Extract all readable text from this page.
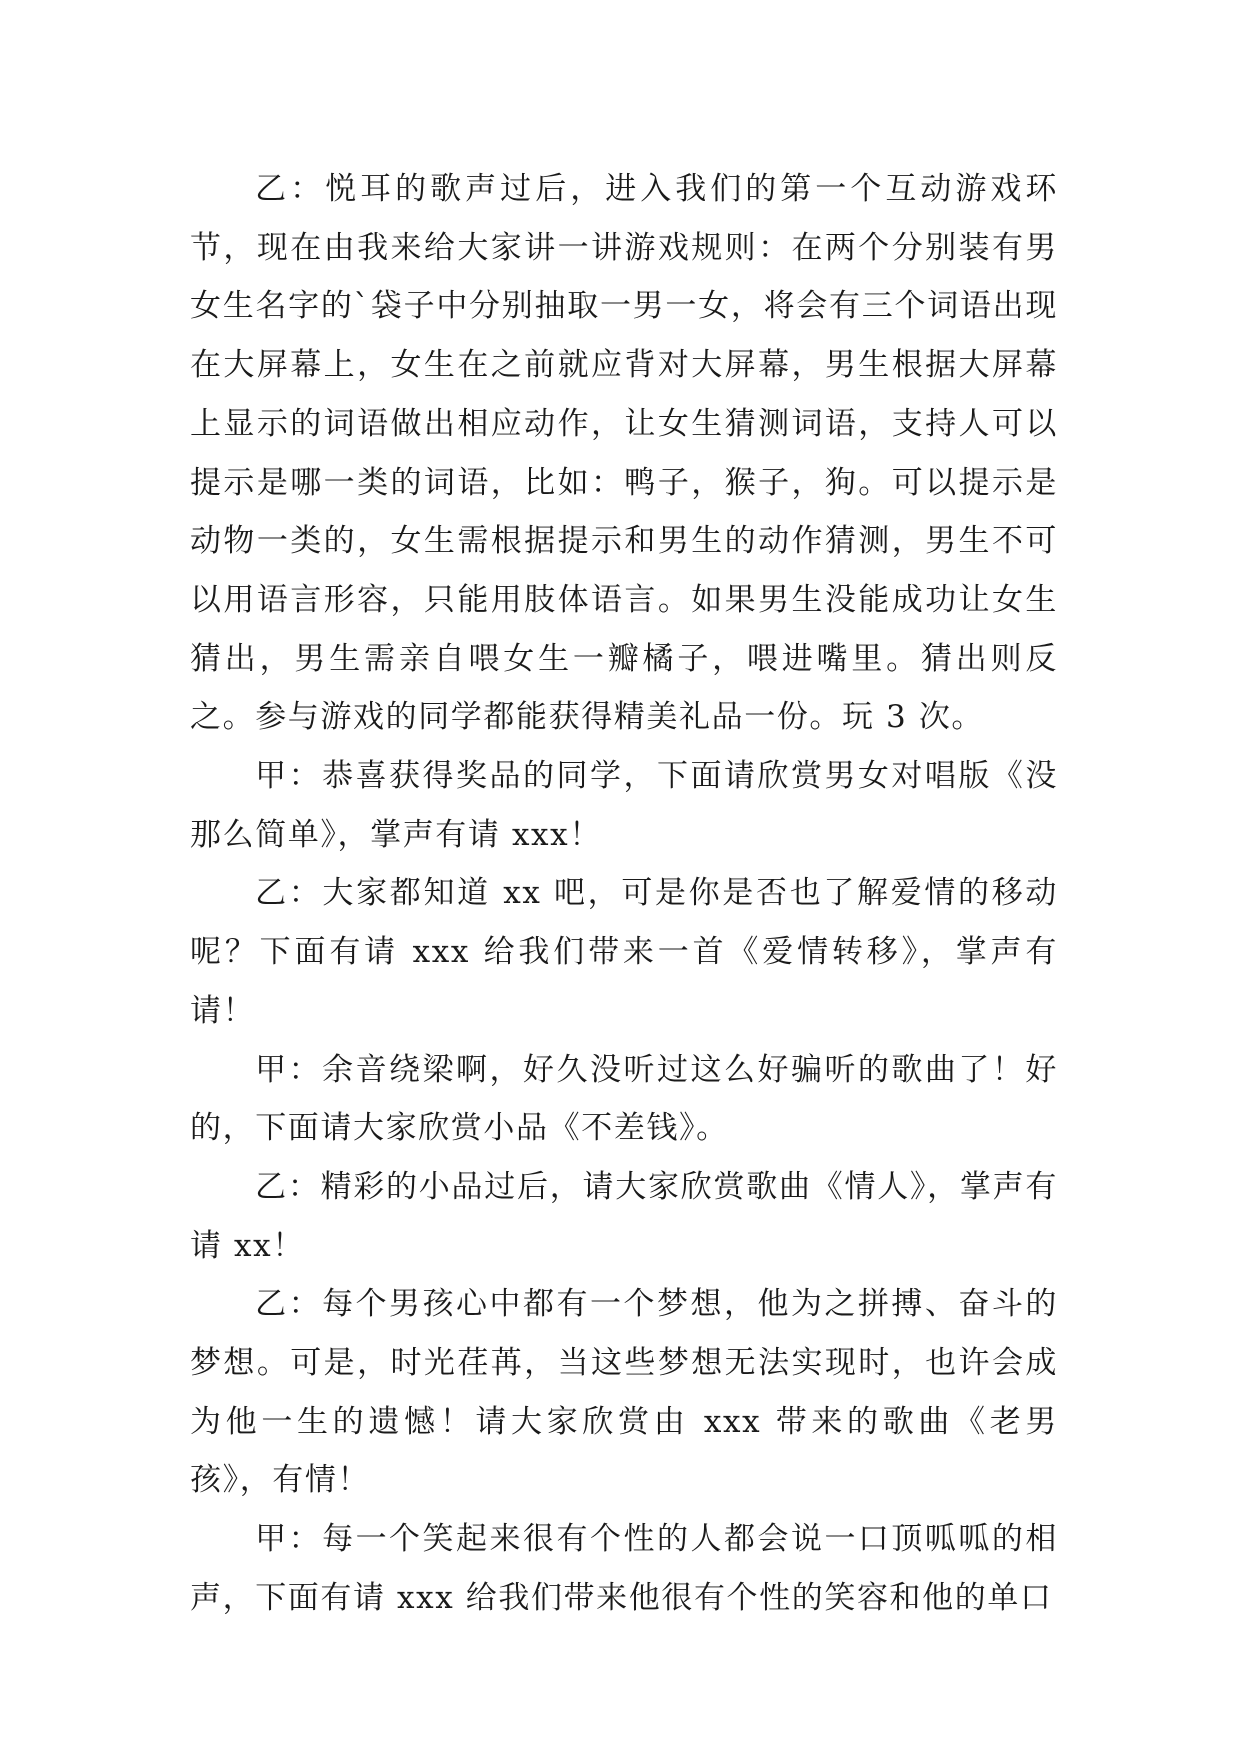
乙：悦耳的歌声过后，进入我们的第一个互动游戏环节，现在由我来给大家讲一讲游戏规则：在两个分别装有男女生名字的`袋子中分别抽取一男一女，将会有三个词语出现在大屏幕上，女生在之前就应背对大屏幕，男生根据大屏幕上显示的词语做出相应动作，让女生猜测词语，支持人可以提示是哪一类的词语，比如：鸭子，猴子，狗。可以提示是动物一类的，女生需根据提示和男生的动作猜测，男生不可以用语言形容，只能用肢体语言。如果男生没能成功让女生猜出，男生需亲自喂女生一瓣橘子，喂进嘴里。猜出则反之。参与游戏的同学都能获得精美礼品一份。玩 3 次。

甲：恭喜获得奖品的同学，下面请欣赏男女对唱版《没那么简单》，掌声有请 xxx！

乙：大家都知道 xx 吧，可是你是否也了解爱情的移动呢？下面有请 xxx 给我们带来一首《爱情转移》，掌声有请！

甲：余音绕梁啊，好久没听过这么好骗听的歌曲了！好的，下面请大家欣赏小品《不差钱》。

乙：精彩的小品过后，请大家欣赏歌曲《情人》，掌声有请 xx！

乙：每个男孩心中都有一个梦想，他为之拼搏、奋斗的梦想。可是，时光荏苒，当这些梦想无法实现时，也许会成为他一生的遗憾！请大家欣赏由 xxx 带来的歌曲《老男孩》，有情！

甲：每一个笑起来很有个性的人都会说一口顶呱呱的相声，下面有请 xxx 给我们带来他很有个性的笑容和他的单口
